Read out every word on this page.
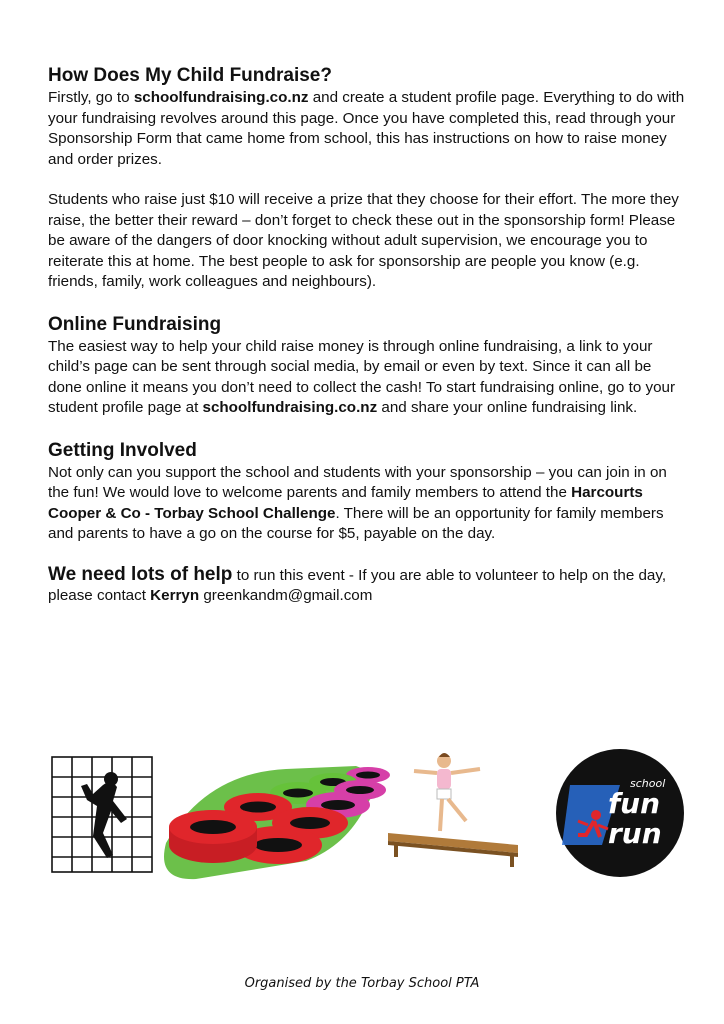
How Does My Child Fundraise?

Firstly, go to schoolfundraising.co.nz and create a student profile page. Everything to do with your fundraising revolves around this page. Once you have completed this, read through your Sponsorship Form that came home from school, this has instructions on how to raise money and order prizes.

Students who raise just $10 will receive a prize that they choose for their effort. The more they raise, the better their reward – don’t forget to check these out in the sponsorship form! Please be aware of the dangers of door knocking without adult supervision, we encourage you to reiterate this at home. The best people to ask for sponsorship are people you know (e.g. friends, family, work colleagues and neighbours).

Online Fundraising

The easiest way to help your child raise money is through online fundraising, a link to your child’s page can be sent through social media, by email or even by text. Since it can all be done online it means you don’t need to collect the cash! To start fundraising online, go to your student profile page at schoolfundraising.co.nz and share your online fundraising link.

Getting Involved

Not only can you support the school and students with your sponsorship – you can join in on the fun! We would love to welcome parents and family members to attend the Harcourts Cooper & Co - Torbay School Challenge. There will be an opportunity for family members and parents to have a go on the course for $5, payable on the day.

We need lots of help to run this event - If you are able to volunteer to help on the day, please contact Kerryn greenkandm@gmail.com

school
fun
run
Organised by the Torbay School PTA
